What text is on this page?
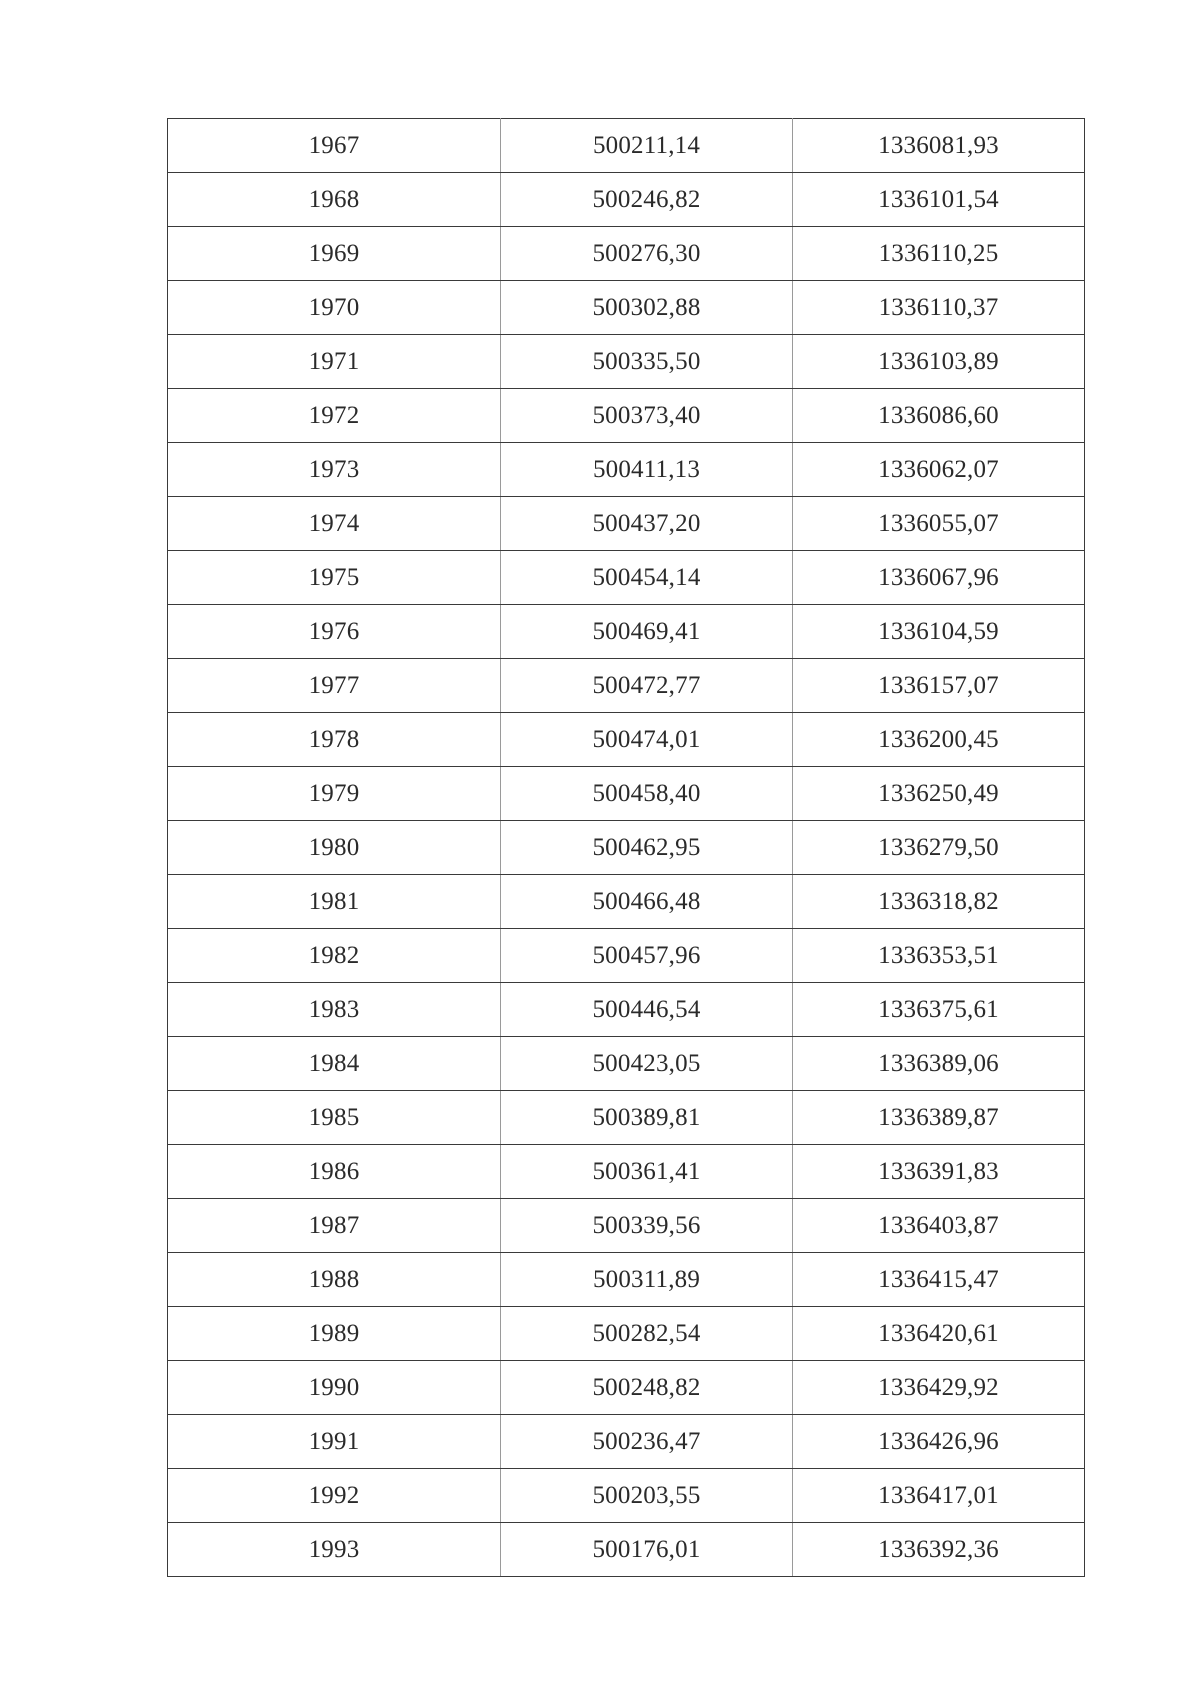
1967	500211,14	1336081,93
1968	500246,82	1336101,54
1969	500276,30	1336110,25
1970	500302,88	1336110,37
1971	500335,50	1336103,89
1972	500373,40	1336086,60
1973	500411,13	1336062,07
1974	500437,20	1336055,07
1975	500454,14	1336067,96
1976	500469,41	1336104,59
1977	500472,77	1336157,07
1978	500474,01	1336200,45
1979	500458,40	1336250,49
1980	500462,95	1336279,50
1981	500466,48	1336318,82
1982	500457,96	1336353,51
1983	500446,54	1336375,61
1984	500423,05	1336389,06
1985	500389,81	1336389,87
1986	500361,41	1336391,83
1987	500339,56	1336403,87
1988	500311,89	1336415,47
1989	500282,54	1336420,61
1990	500248,82	1336429,92
1991	500236,47	1336426,96
1992	500203,55	1336417,01
1993	500176,01	1336392,36
